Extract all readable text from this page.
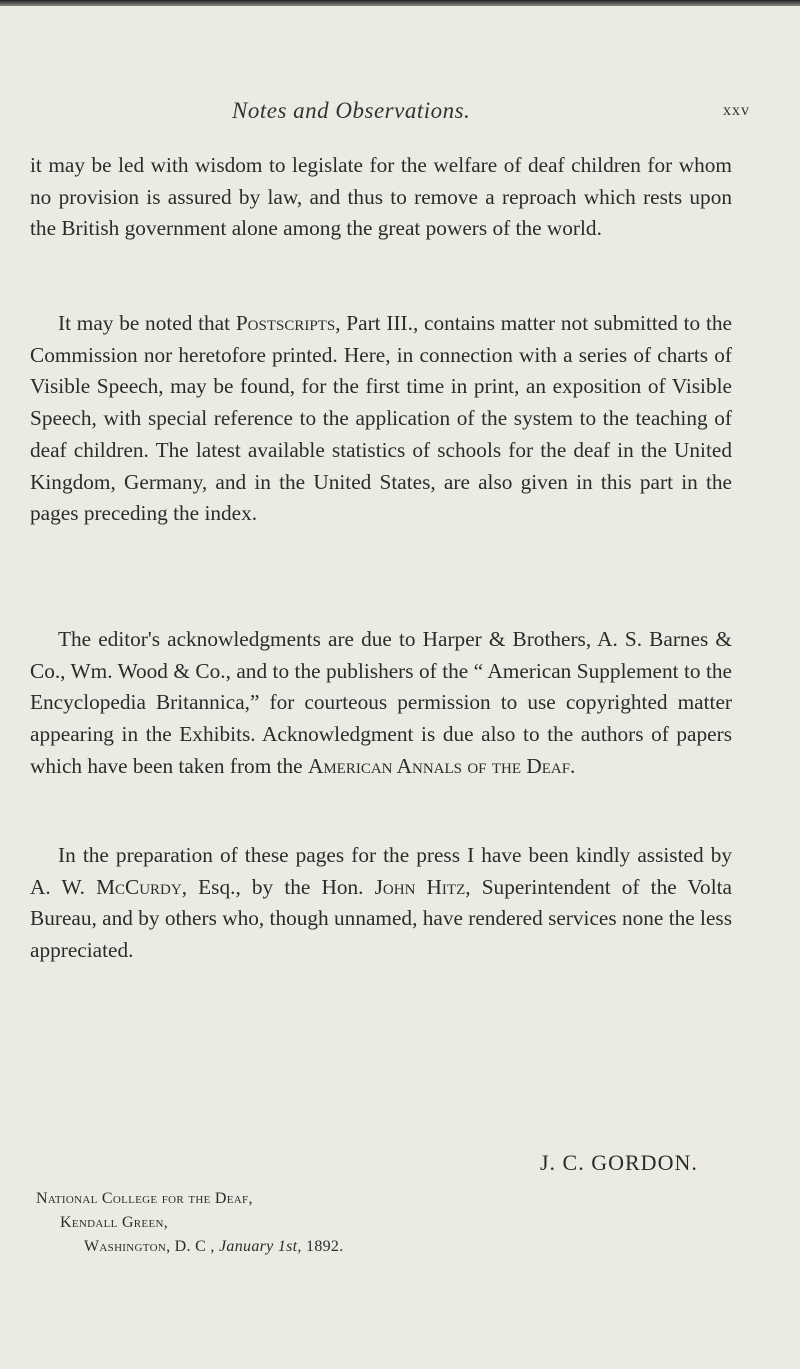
Notes and Observations.	xxv

it may be led with wisdom to legislate for the welfare of deaf children for whom no provision is assured by law, and thus to remove a reproach which rests upon the British government alone among the great powers of the world.

It may be noted that Postscripts, Part III., contains matter not submitted to the Commission nor heretofore printed. Here, in connection with a series of charts of Visible Speech, may be found, for the first time in print, an exposition of Visible Speech, with special reference to the application of the system to the teaching of deaf children. The latest available statistics of schools for the deaf in the United Kingdom, Germany, and in the United States, are also given in this part in the pages preceding the index.

The editor's acknowledgments are due to Harper & Brothers, A. S. Barnes & Co., Wm. Wood & Co., and to the publishers of the “ American Supplement to the Encyclopedia Britannica,” for courteous permission to use copyrighted matter appearing in the Exhibits. Acknowledgment is due also to the authors of papers which have been taken from the American Annals of the Deaf.

In the preparation of these pages for the press I have been kindly assisted by A. W. McCurdy, Esq., by the Hon. John Hitz, Superintendent of the Volta Bureau, and by others who, though unnamed, have rendered services none the less appreciated.

J. C. GORDON.
National College for the Deaf,
Kendall Green,
Washington, D. C , January 1st, 1892.
